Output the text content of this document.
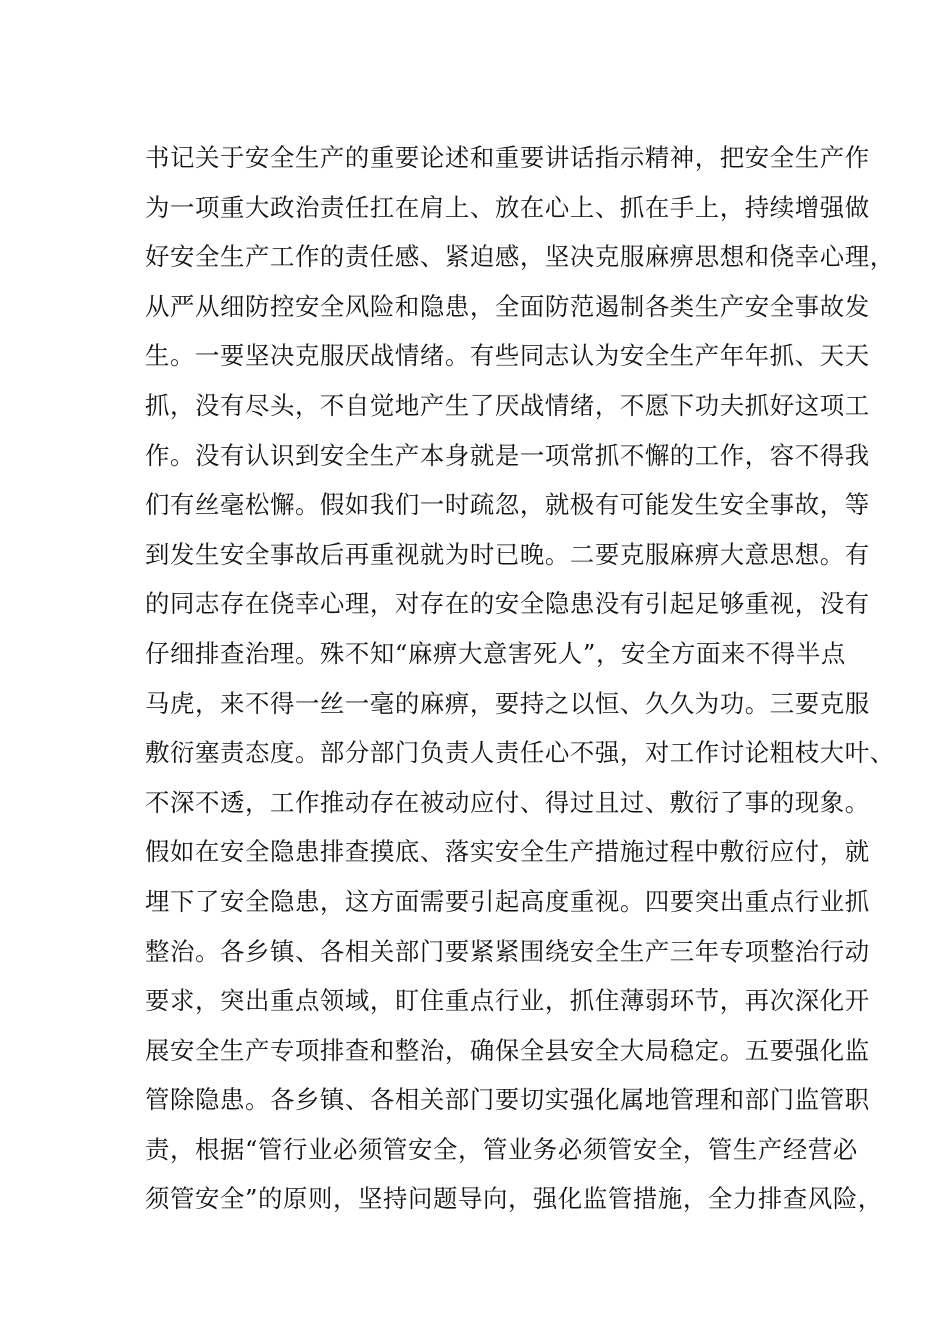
书记关于安全生产的重要论述和重要讲话指示精神，把安全生产作
为一项重大政治责任扛在肩上、放在心上、抓在手上，持续增强做
好安全生产工作的责任感、紧迫感，坚决克服麻痹思想和侥幸心理，
从严从细防控安全风险和隐患，全面防范遏制各类生产安全事故发
生。一要坚决克服厌战情绪。有些同志认为安全生产年年抓、天天
抓，没有尽头，不自觉地产生了厌战情绪，不愿下功夫抓好这项工
作。没有认识到安全生产本身就是一项常抓不懈的工作，容不得我
们有丝毫松懈。假如我们一时疏忽，就极有可能发生安全事故，等
到发生安全事故后再重视就为时已晚。二要克服麻痹大意思想。有
的同志存在侥幸心理，对存在的安全隐患没有引起足够重视，没有
仔细排查治理。殊不知“麻痹大意害死人”，安全方面来不得半点
马虎，来不得一丝一毫的麻痹，要持之以恒、久久为功。三要克服
敷衍塞责态度。部分部门负责人责任心不强，对工作讨论粗枝大叶、
不深不透，工作推动存在被动应付、得过且过、敷衍了事的现象。
假如在安全隐患排查摸底、落实安全生产措施过程中敷衍应付，就
埋下了安全隐患，这方面需要引起高度重视。四要突出重点行业抓
整治。各乡镇、各相关部门要紧紧围绕安全生产三年专项整治行动
要求，突出重点领域，盯住重点行业，抓住薄弱环节，再次深化开
展安全生产专项排查和整治，确保全县安全大局稳定。五要强化监
管除隐患。各乡镇、各相关部门要切实强化属地管理和部门监管职
责，根据“管行业必须管安全，管业务必须管安全，管生产经营必
须管安全”的原则，坚持问题导向，强化监管措施，全力排查风险，
